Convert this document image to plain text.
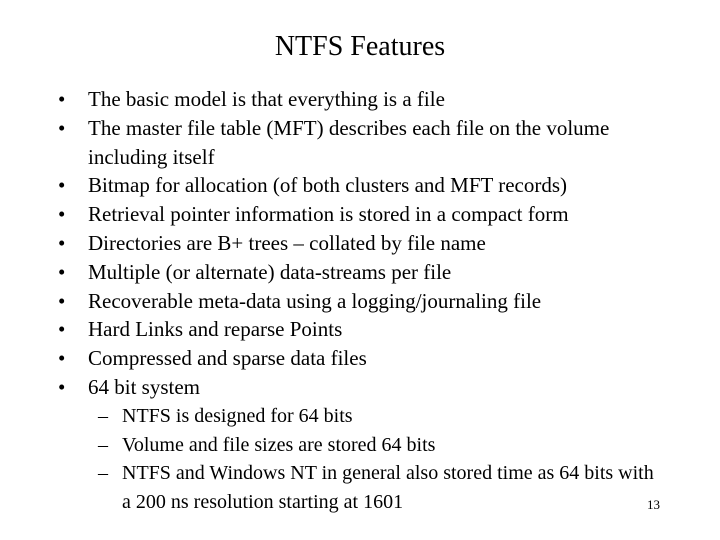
NTFS Features
•	The basic model is that everything is a file
•	The master file table (MFT) describes each file on the volume including itself
•	Bitmap for allocation (of both clusters and MFT records)
•	Retrieval pointer information is stored in a compact form
•	Directories are B+ trees – collated by file name
•	Multiple (or alternate) data-streams per file
•	Recoverable meta-data using a logging/journaling file
•	Hard Links and reparse Points
•	Compressed and sparse data files
•	64 bit system
– NTFS is designed for 64 bits
– Volume and file sizes are stored 64 bits
– NTFS and Windows NT in general also stored time as 64 bits with a 200 ns resolution starting at 1601	13
